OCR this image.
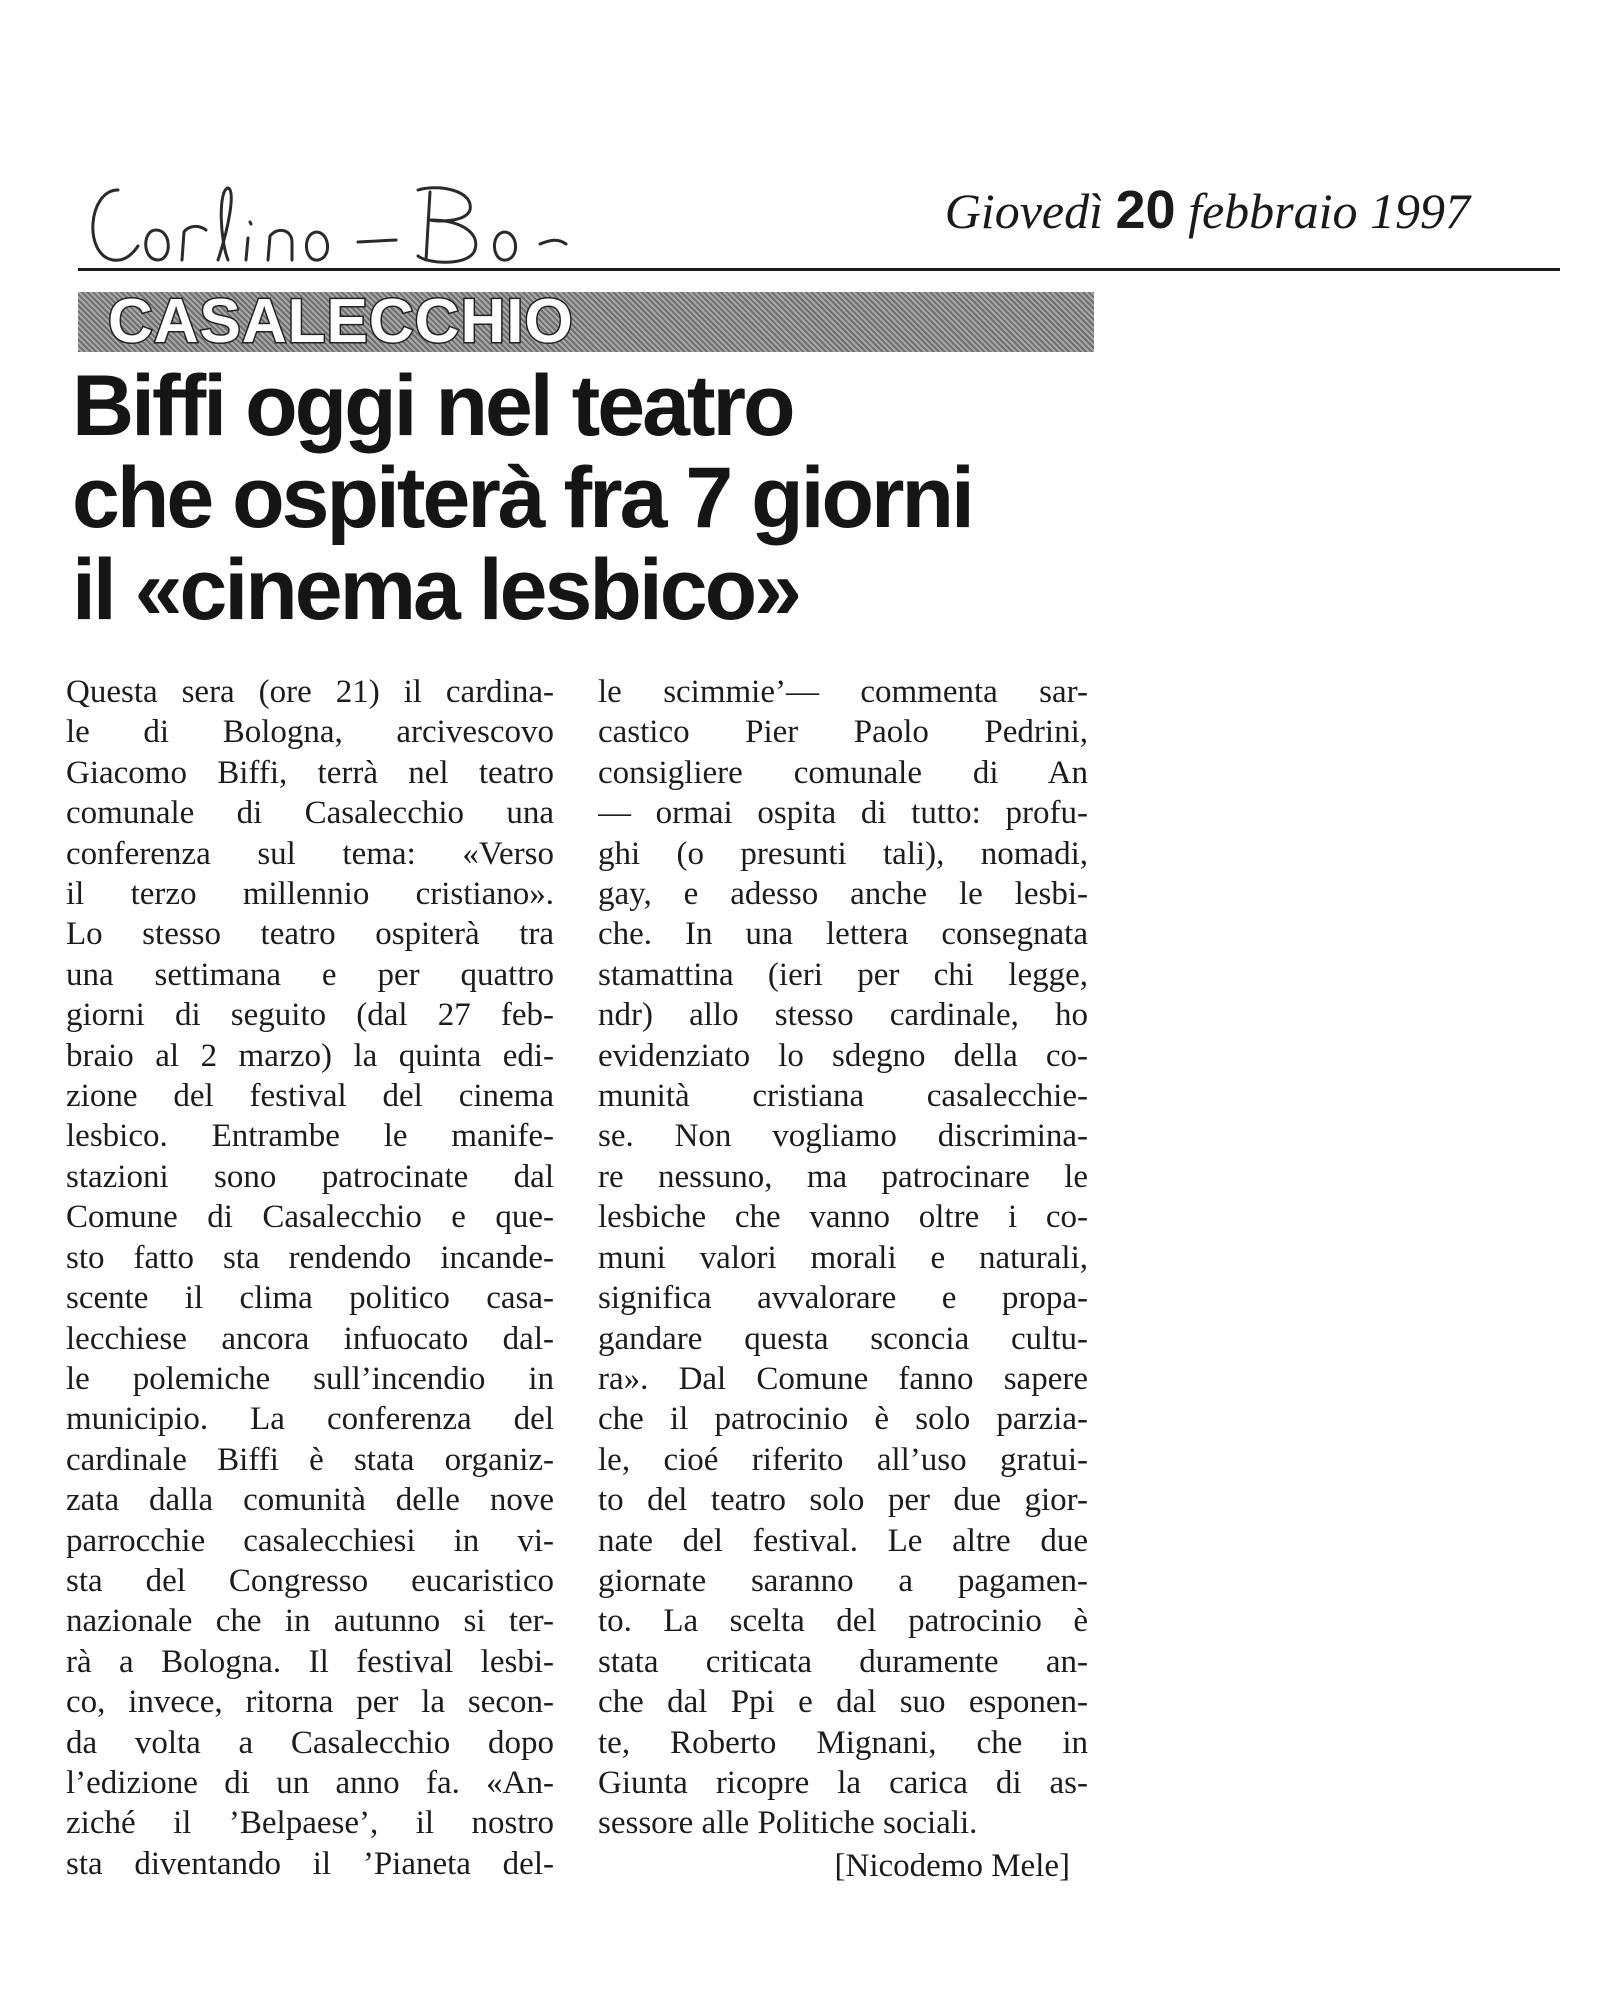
Giovedì 20 febbraio 1997
CASALECCHIO
Biffi oggi nel teatro
che ospiterà fra 7 giorni
il «cinema lesbico»
Questa sera (ore 21) il cardina-
le di Bologna, arcivescovo
Giacomo Biffi, terrà nel teatro
comunale di Casalecchio una
conferenza sul tema: «Verso
il terzo millennio cristiano».
Lo stesso teatro ospiterà tra
una settimana e per quattro
giorni di seguito (dal 27 feb-
braio al 2 marzo) la quinta edi-
zione del festival del cinema
lesbico. Entrambe le manife-
stazioni sono patrocinate dal
Comune di Casalecchio e que-
sto fatto sta rendendo incande-
scente il clima politico casa-
lecchiese ancora infuocato dal-
le polemiche sull’incendio in
municipio. La conferenza del
cardinale Biffi è stata organiz-
zata dalla comunità delle nove
parrocchie casalecchiesi in vi-
sta del Congresso eucaristico
nazionale che in autunno si ter-
rà a Bologna. Il festival lesbi-
co, invece, ritorna per la secon-
da volta a Casalecchio dopo
l’edizione di un anno fa. «An-
ziché il ’Belpaese’, il nostro
sta diventando il ’Pianeta del-
le scimmie’— commenta sar-
castico Pier Paolo Pedrini,
consigliere comunale di An
— ormai ospita di tutto: profu-
ghi (o presunti tali), nomadi,
gay, e adesso anche le lesbi-
che. In una lettera consegnata
stamattina (ieri per chi legge,
ndr) allo stesso cardinale, ho
evidenziato lo sdegno della co-
munità cristiana casalecchie-
se. Non vogliamo discrimina-
re nessuno, ma patrocinare le
lesbiche che vanno oltre i co-
muni valori morali e naturali,
significa avvalorare e propa-
gandare questa sconcia cultu-
ra». Dal Comune fanno sapere
che il patrocinio è solo parzia-
le, cioé riferito all’uso gratui-
to del teatro solo per due gior-
nate del festival. Le altre due
giornate saranno a pagamen-
to. La scelta del patrocinio è
stata criticata duramente an-
che dal Ppi e dal suo esponen-
te, Roberto Mignani, che in
Giunta ricopre la carica di as-
sessore alle Politiche sociali.
[Nicodemo Mele]
